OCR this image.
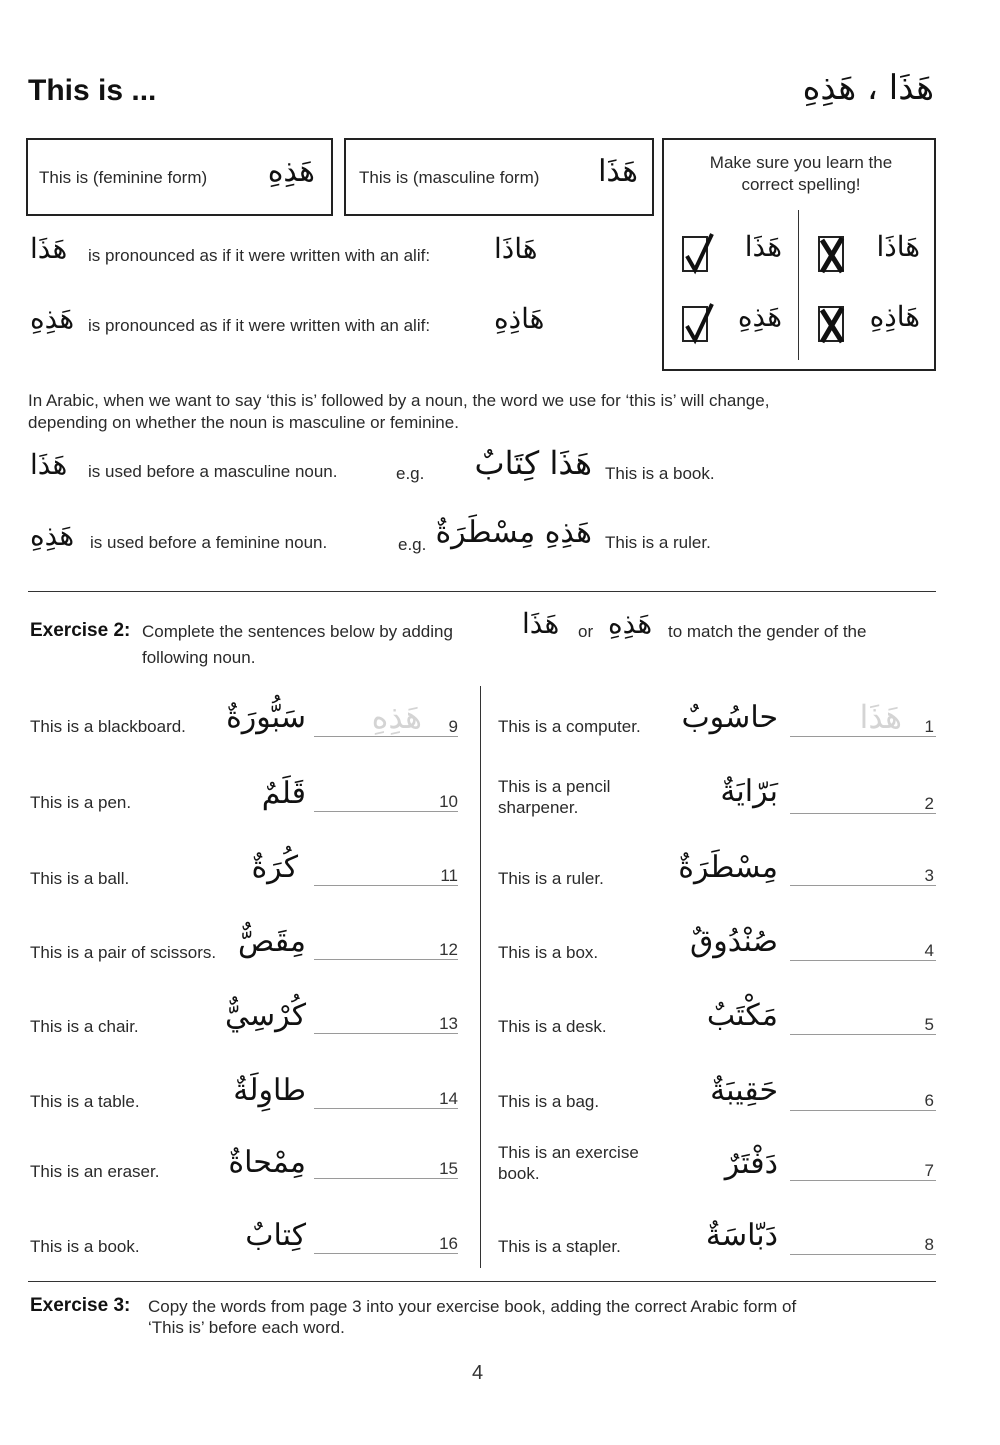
This is ...	هَذَا ، هَذِهِ
This is (feminine form) هَذِهِ	This is (masculine form) هَذَا	Make sure you learn the correct spelling!
هَذَا	هَاذَا
هَذِهِ	هَاذِهِ
هَذَا is pronounced as if it were written with an alif: هَاذَا
هَذِهِ is pronounced as if it were written with an alif: هَاذِهِ
In Arabic, when we want to say ‘this is’ followed by a noun, the word we use for ‘this is’ will change,
depending on whether the noun is masculine or feminine.
هَذَا is used before a masculine noun.	e.g. هَذَا كِتَابٌ This is a book.
هَذِهِ is used before a feminine noun.	e.g. هَذِهِ مِسْطَرَةٌ This is a ruler.
Exercise 2: Complete the sentences below by adding هَذَا or هَذِهِ to match the gender of the
following noun.
This is a computer. حاسُوبٌ	هَذَا 1
This is a pencil
sharpener.	بَرّايَةٌ	2
This is a ruler. مِسْطَرَةٌ	3
This is a box.	صُنْدُوقٌ	4
This is a desk.	مَكْتَبٌ	5
This is a bag.	حَقِيبَةٌ	6
This is an exercise
book.	دَفْتَرٌ	7
This is a stapler.	دَبّاسَةٌ	8
This is a blackboard. سَبُّورَةٌ هَذِهِ 9
This is a pen.	قَلَمٌ	10
This is a ball.	كُرَةٌ	11
This is a pair of scissors. مِقَصٌّ	12
This is a chair.	كُرْسِيٌّ	13
This is a table.	طاوِلَةٌ	14
This is an eraser. مِمْحاةٌ	15
This is a book.	كِتابٌ	16
Exercise 3: Copy the words from page 3 into your exercise book, adding the correct Arabic form of
‘This is’ before each word.
4
